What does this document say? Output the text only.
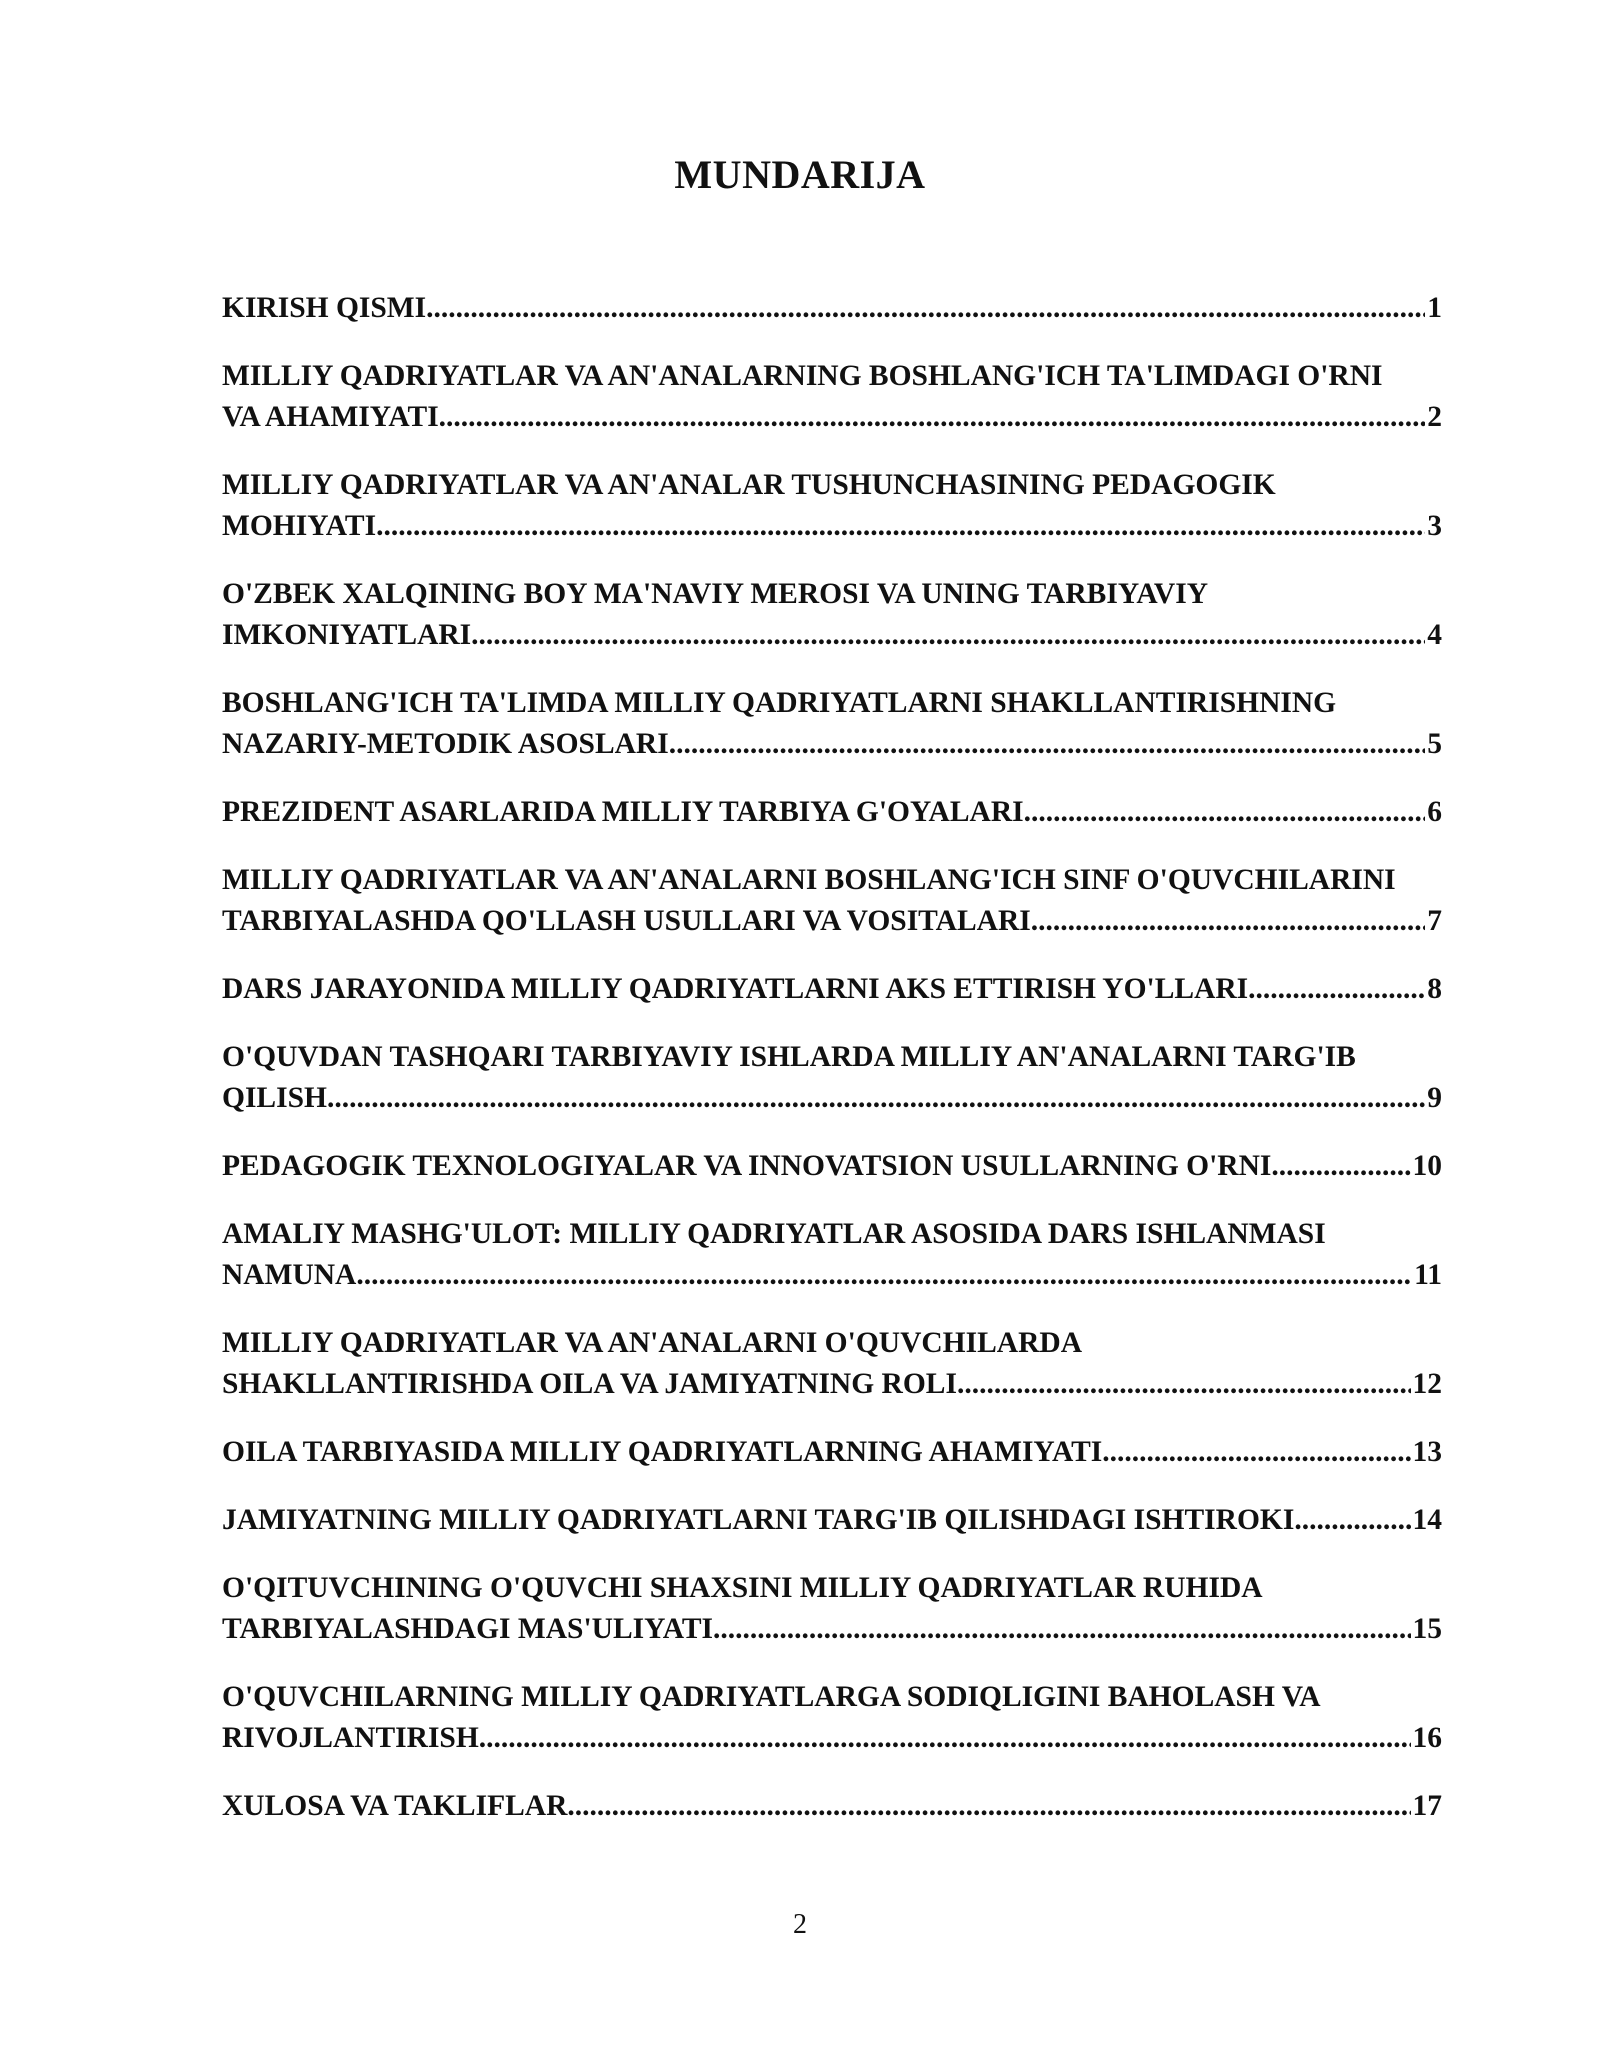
MUNDARIJA
KIRISH QISMI .....	1
MILLIY QADRIYATLAR VA AN'ANALARNING BOSHLANG'ICH TA'LIMDAGI O'RNI
VA AHAMIYATI .....	2
MILLIY QADRIYATLAR VA AN'ANALAR TUSHUNCHASINING PEDAGOGIK
MOHIYATI .....	3
O'ZBEK XALQINING BOY MA'NAVIY MEROSI VA UNING TARBIYAVIY
IMKONIYATLARI .....	4
BOSHLANG'ICH TA'LIMDA MILLIY QADRIYATLARNI SHAKLLANTIRISHNING
NAZARIY-METODIK ASOSLARI .....	5
PREZIDENT ASARLARIDA MILLIY TARBIYA G'OYALARI .....	6
MILLIY QADRIYATLAR VA AN'ANALARNI BOSHLANG'ICH SINF O'QUVCHILARINI
TARBIYALASHDA QO'LLASH USULLARI VA VOSITALARI .....	7
DARS JARAYONIDA MILLIY QADRIYATLARNI AKS ETTIRISH YO'LLARI .....	8
O'QUVDAN TASHQARI TARBIYAVIY ISHLARDA MILLIY AN'ANALARNI TARG'IB
QILISH .....	9
PEDAGOGIK TEXNOLOGIYALAR VA INNOVATSION USULLARNING O'RNI .....	10
AMALIY MASHG'ULOT: MILLIY QADRIYATLAR ASOSIDA DARS ISHLANMASI
NAMUNA .....	11
MILLIY QADRIYATLAR VA AN'ANALARNI O'QUVCHILARDA
SHAKLLANTIRISHDA OILA VA JAMIYATNING ROLI .....	12
OILA TARBIYASIDA MILLIY QADRIYATLARNING AHAMIYATI .....	13
JAMIYATNING MILLIY QADRIYATLARNI TARG'IB QILISHDAGI ISHTIROKI .....	14
O'QITUVCHINING O'QUVCHI SHAXSINI MILLIY QADRIYATLAR RUHIDA
TARBIYALASHDAGI MAS'ULIYATI .....	15
O'QUVCHILARNING MILLIY QADRIYATLARGA SODIQLIGINI BAHOLASH VA
RIVOJLANTIRISH .....	16
XULOSA VA TAKLIFLAR .....	17
2
